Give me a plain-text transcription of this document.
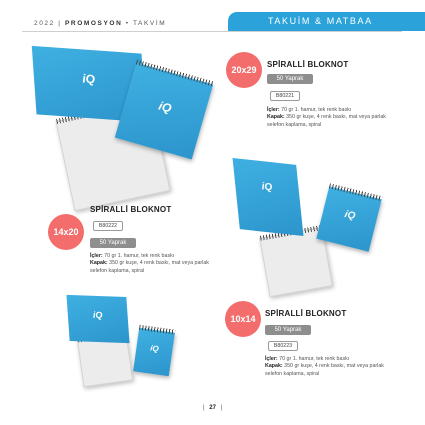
2022 | PROMOSYON • TAKVİM	TAKUİM & MATBAA
iQ
iQ
20x29
SPİRALLİ BLOKNOT
50 Yaprak
B80221
İçler: 70 gr 1. hamur, tek renk baskı
Kapak: 350 gr kuşe, 4 renk baskı, mat veya parlak selefon kaplama, spiral
iQ
iQ
14x20
SPİRALLİ BLOKNOT
B80222
50 Yaprak
İçler: 70 gr 1. hamur, tek renk baskı
Kapak: 350 gr kuşe, 4 renk baskı, mat veya parlak selefon kaplama, spiral
iQ
iQ
10x14
SPİRALLİ BLOKNOT
50 Yaprak
B80223
İçler: 70 gr 1. hamur, tek renk baskı
Kapak: 350 gr kuşe, 4 renk baskı, mat veya parlak selefon kaplama, spiral
| 27 |
